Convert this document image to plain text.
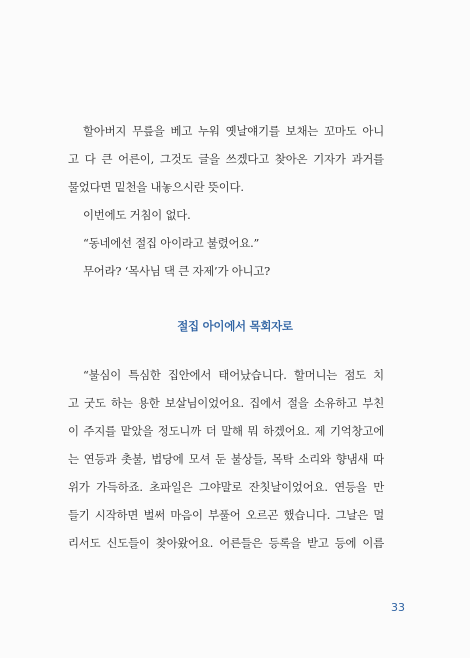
할아버지 무릎을 베고 누워 옛날얘기를 보채는 꼬마도 아니
고 다 큰 어른이, 그것도 글을 쓰겠다고 찾아온 기자가 과거를
물었다면 밑천을 내놓으시란 뜻이다.
이번에도 거침이 없다.
“동네에선 절집 아이라고 불렸어요.”
무어라? ‘목사님 댁 큰 자제’가 아니고?
절집 아이에서 목회자로
“불심이 특심한 집안에서 태어났습니다. 할머니는 점도 치
고 굿도 하는 용한 보살님이었어요. 집에서 절을 소유하고 부친
이 주지를 맡았을 정도니까 더 말해 뭐 하겠어요. 제 기억창고에
는 연등과 촛불, 법당에 모셔 둔 불상들, 목탁 소리와 향냄새 따
위가 가득하죠. 초파일은 그야말로 잔칫날이었어요. 연등을 만
들기 시작하면 벌써 마음이 부풀어 오르곤 했습니다. 그날은 멀
리서도 신도들이 찾아왔어요. 어른들은 등록을 받고 등에 이름
33
